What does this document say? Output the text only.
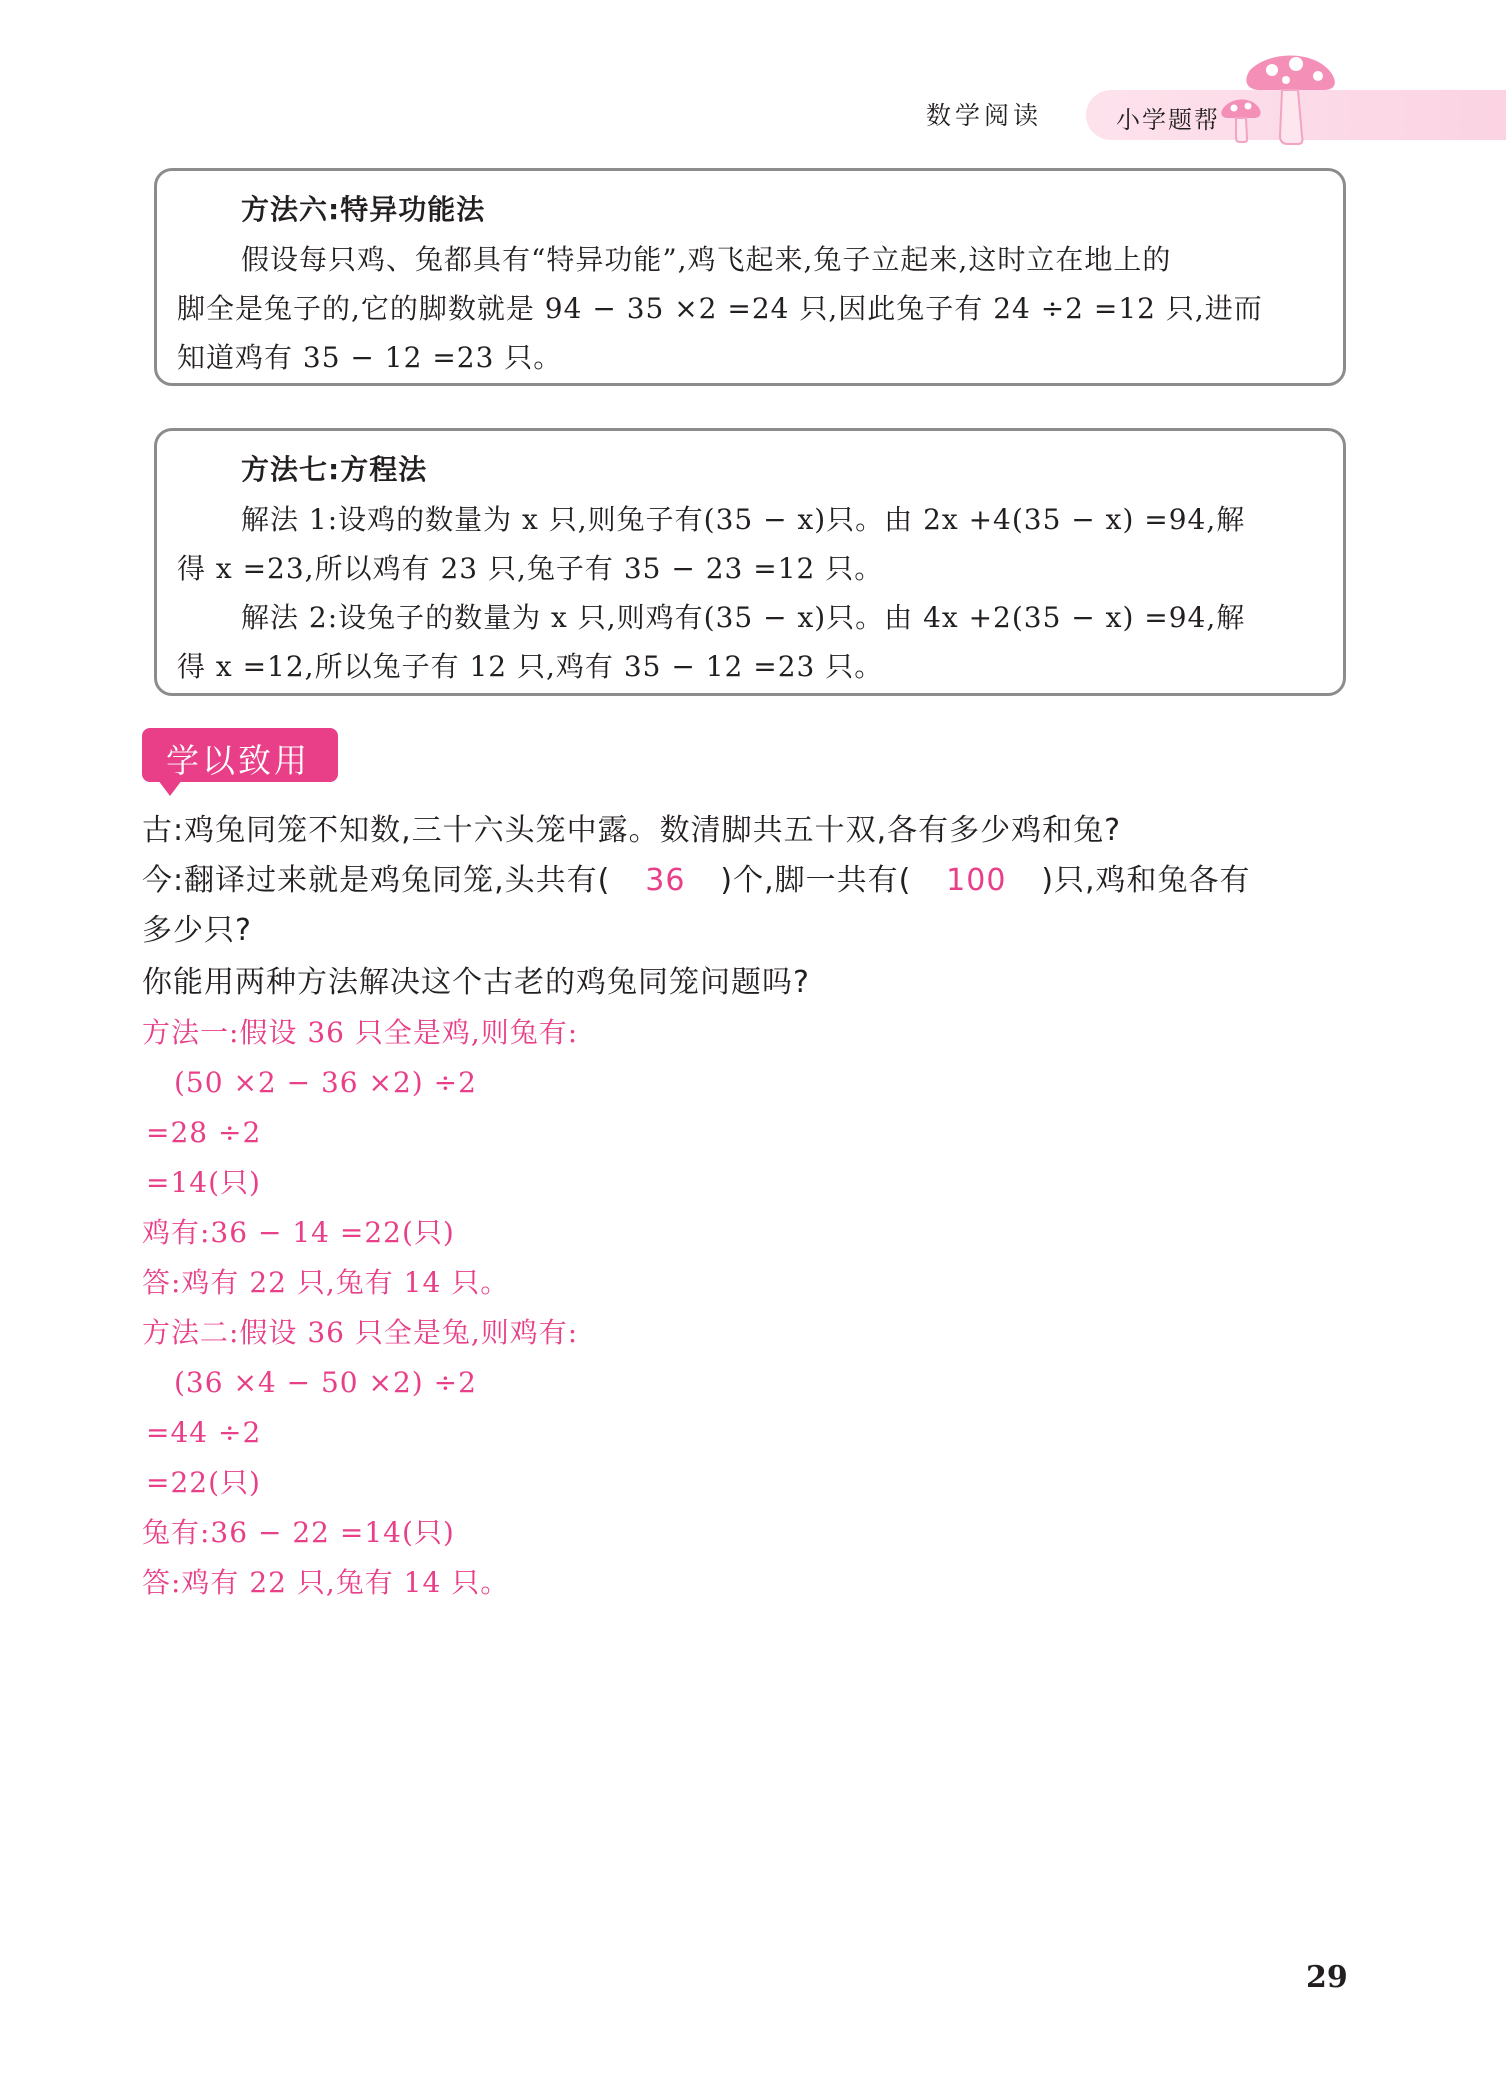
数学阅读	小学题帮
方法六:特异功能法

假设每只鸡、兔都具有“特异功能”,鸡飞起来,兔子立起来,这时立在地上的

脚全是兔子的,它的脚数就是 94 − 35 ×2 =24 只,因此兔子有 24 ÷2 =12 只,进而

知道鸡有 35 − 12 =23 只。

方法七:方程法

解法 1:设鸡的数量为 x 只,则兔子有(35 − x)只。由 2x +4(35 − x) =94,解

得 x =23,所以鸡有 23 只,兔子有 35 − 23 =12 只。

解法 2:设兔子的数量为 x 只,则鸡有(35 − x)只。由 4x +2(35 − x) =94,解

得 x =12,所以兔子有 12 只,鸡有 35 − 12 =23 只。

学以致用

古:鸡兔同笼不知数,三十六头笼中露。数清脚共五十双,各有多少鸡和兔?

今:翻译过来就是鸡兔同笼,头共有( 36 )个,脚一共有( 100 )只,鸡和兔各有

多少只?

你能用两种方法解决这个古老的鸡兔同笼问题吗?

方法一:假设 36 只全是鸡,则兔有:

(50 ×2 − 36 ×2) ÷2

=28 ÷2

=14(只)

鸡有:36 − 14 =22(只)

答:鸡有 22 只,兔有 14 只。

方法二:假设 36 只全是兔,则鸡有:

(36 ×4 − 50 ×2) ÷2

=44 ÷2

=22(只)

兔有:36 − 22 =14(只)

答:鸡有 22 只,兔有 14 只。

29
